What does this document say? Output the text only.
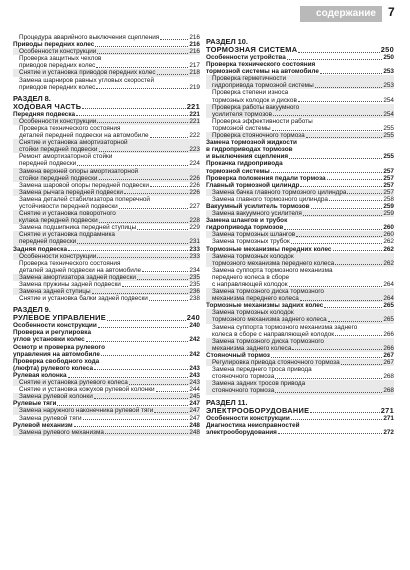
содержание	7
Процедура аварийного выключения сцепления	216
Приводы передних колес	216
Особенности конструкции	216
Проверка защитных чехлов
приводов передних колес	217
Снятие и установка приводов передних колес	218
Замена шарниров равных угловых скоростей
приводов передних колес	219
РАЗДЕЛ 8.
ХОДОВАЯ ЧАСТЬ	221
Передняя подвеска	221
Особенности конструкции	221
Проверка технического состояния
деталей передней подвески на автомобиле	222
Снятие и установка амортизаторной
стойки передней подвески	223
Ремонт амортизаторной стойки
передней подвески	224
Замена верхней опоры амортизаторной
стойки передней подвески	226
Замена шаровой опоры передней подвески	226
Замена рычага передней подвески	226
Замена деталей стабилизатора поперечной
устойчивости передней подвески	227
Снятие и установка поворотного
кулака передней подвески	228
Замена подшипника передней ступицы	229
Снятие и установка подрамника
передней подвески	231
Задняя подвеска	233
Особенности конструкции	233
Проверка технического состояния
деталей задней подвески на автомобиле	234
Замена амортизатора задней подвески	235
Замена пружины задней подвески	235
Замена задней ступицы	236
Снятие и установка балки задней подвески	238
РАЗДЕЛ 9.
РУЛЕВОЕ УПРАВЛЕНИЕ	240
Особенности конструкции	240
Проверка и регулировка
углов установки колес	242
Осмотр и проверка рулевого
управления на автомобиле	242
Проверка свободного хода
(люфта) рулевого колеса	243
Рулевая колонка	243
Снятие и установка рулевого колеса	243
Снятие и установка кожухов рулевой колонки	244
Замена рулевой колонки	245
Рулевые тяги	247
Замена наружного наконечника рулевой тяги	247
Замена рулевой тяги	247
Рулевой механизм	248
Замена рулевого механизма	248
РАЗДЕЛ 10.
ТОРМОЗНАЯ СИСТЕМА	250
Особенности устройства	250
Проверка технического состояния
тормозной системы на автомобиле	253
Проверка герметичности
гидропривода тормозной системы	253
Проверка степени износа
тормозных колодок и дисков	254
Проверка работы вакуумного
усилителя тормозов	254
Проверка эффективности работы
тормозной системы	255
Проверка стояночного тормоза	255
Замена тормозной жидкости
в гидроприводах тормозов
и выключения сцепления	255
Прокачка гидропривода
тормозной системы	257
Проверка положения педали тормоза	257
Главный тормозной цилиндр	257
Замена бачка главного тормозного цилиндра	257
Замена главного тормозного цилиндра	258
Вакуумный усилитель тормозов	259
Замена вакуумного усилителя	259
Замена шлангов и трубок
гидропривода тормозов	260
Замена тормозных шлангов	260
Замена тормозных трубок	262
Тормозные механизмы передних колес	262
Замена тормозных колодок
тормозного механизма переднего колеса	262
Замена суппорта тормозного механизма
переднего колеса в сборе
с направляющей колодок	264
Замена тормозного диска тормозного
механизма переднего колеса	264
Тормозные механизмы задних колес	265
Замена тормозных колодок
тормозного механизма заднего колеса	265
Замена суппорта тормозного механизма заднего
колеса в сборе с направляющей колодок	266
Замена тормозного диска тормозного
механизма заднего колеса	266
Стояночный тормоз	267
Регулировка привода стояночного тормоза	267
Замена переднего троса привода
стояночного тормоза	268
Замена задних тросов привода
стояночного тормоза	268
РАЗДЕЛ 11.
ЭЛЕКТРООБОРУДОВАНИЕ	271
Особенности конструкции	271
Диагностика неисправностей
электрооборудования	272
